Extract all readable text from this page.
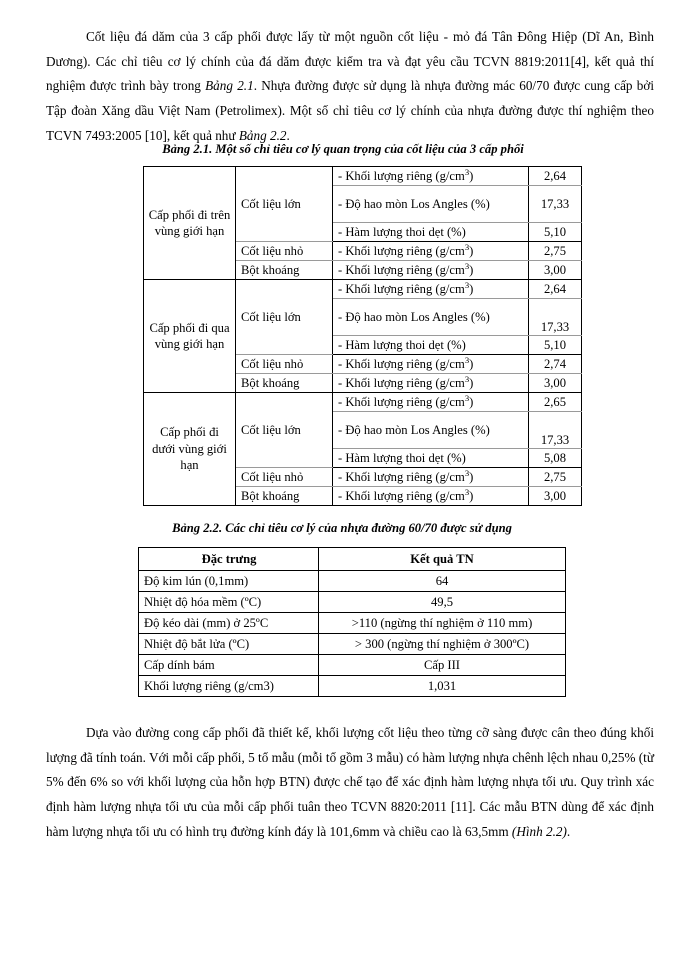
Cốt liệu đá dăm của 3 cấp phối được lấy từ một nguồn cốt liệu - mỏ đá Tân Đông Hiệp (Dĩ An, Bình Dương). Các chỉ tiêu cơ lý chính của đá dăm được kiểm tra và đạt yêu cầu TCVN 8819:2011[4], kết quả thí nghiệm được trình bày trong Bảng 2.1. Nhựa đường được sử dụng là nhựa đường mác 60/70 được cung cấp bởi Tập đoàn Xăng dầu Việt Nam (Petrolimex). Một số chỉ tiêu cơ lý chính của nhựa đường được thí nghiệm theo TCVN 7493:2005 [10], kết quả như Bảng 2.2.

Bảng 2.1. Một số chỉ tiêu cơ lý quan trọng của cốt liệu của 3 cấp phối
Cấp phối đi trên vùng giới hạn	Cốt liệu lớn	- Khối lượng riêng $(g/cm^3)$	2,64
		- Độ hao mòn Los Angles (%)	17,33
		- Hàm lượng thoi dẹt (%)	5,10
	Cốt liệu nhỏ	- Khối lượng riêng $(g/cm^3)$	2,75
	Bột khoáng	- Khối lượng riêng $(g/cm^3)$	3,00
Cấp phối đi qua vùng giới hạn	Cốt liệu lớn	- Khối lượng riêng $(g/cm^3)$	2,64
		- Độ hao mòn Los Angles (%)	17,33
		- Hàm lượng thoi dẹt (%)	5,10
	Cốt liệu nhỏ	- Khối lượng riêng $(g/cm^3)$	2,74
	Bột khoáng	- Khối lượng riêng $(g/cm^3)$	3,00
Cấp phối đi dưới vùng giới hạn	Cốt liệu lớn	- Khối lượng riêng $(g/cm^3)$	2,65
		- Độ hao mòn Los Angles (%)	17,33
		- Hàm lượng thoi dẹt (%)	5,08
	Cốt liệu nhỏ	- Khối lượng riêng $(g/cm^3)$	2,75
	Bột khoáng	- Khối lượng riêng $(g/cm^3)$	3,00
Bảng 2.2. Các chỉ tiêu cơ lý của nhựa đường 60/70 được sử dụng
Đặc trưng	Kết quả TN
Độ kim lún (0,1mm)	64
Nhiệt độ hóa mềm (ºC)	49,5
Độ kéo dài (mm) ở 25ºC	>110 (ngừng thí nghiệm ở 110 mm)
Nhiệt độ bắt lửa (ºC)	> 300 (ngừng thí nghiệm ở 300ºC)
Cấp dính bám	Cấp III
Khối lượng riêng (g/cm3)	1,031

Dựa vào đường cong cấp phối đã thiết kế, khối lượng cốt liệu theo từng cỡ sàng được cân theo đúng khối lượng đã tính toán. Với mỗi cấp phối, 5 tổ mẫu (mỗi tổ gồm 3 mẫu) có hàm lượng nhựa chênh lệch nhau 0,25% (từ 5% đến 6% so với khối lượng của hỗn hợp BTN) được chế tạo để xác định hàm lượng nhựa tối ưu. Quy trình xác định hàm lượng nhựa tối ưu của mỗi cấp phối tuân theo TCVN 8820:2011 [11]. Các mẫu BTN dùng để xác định hàm lượng nhựa tối ưu có hình trụ đường kính đáy là 101,6mm và chiều cao là 63,5mm (Hình 2.2).
